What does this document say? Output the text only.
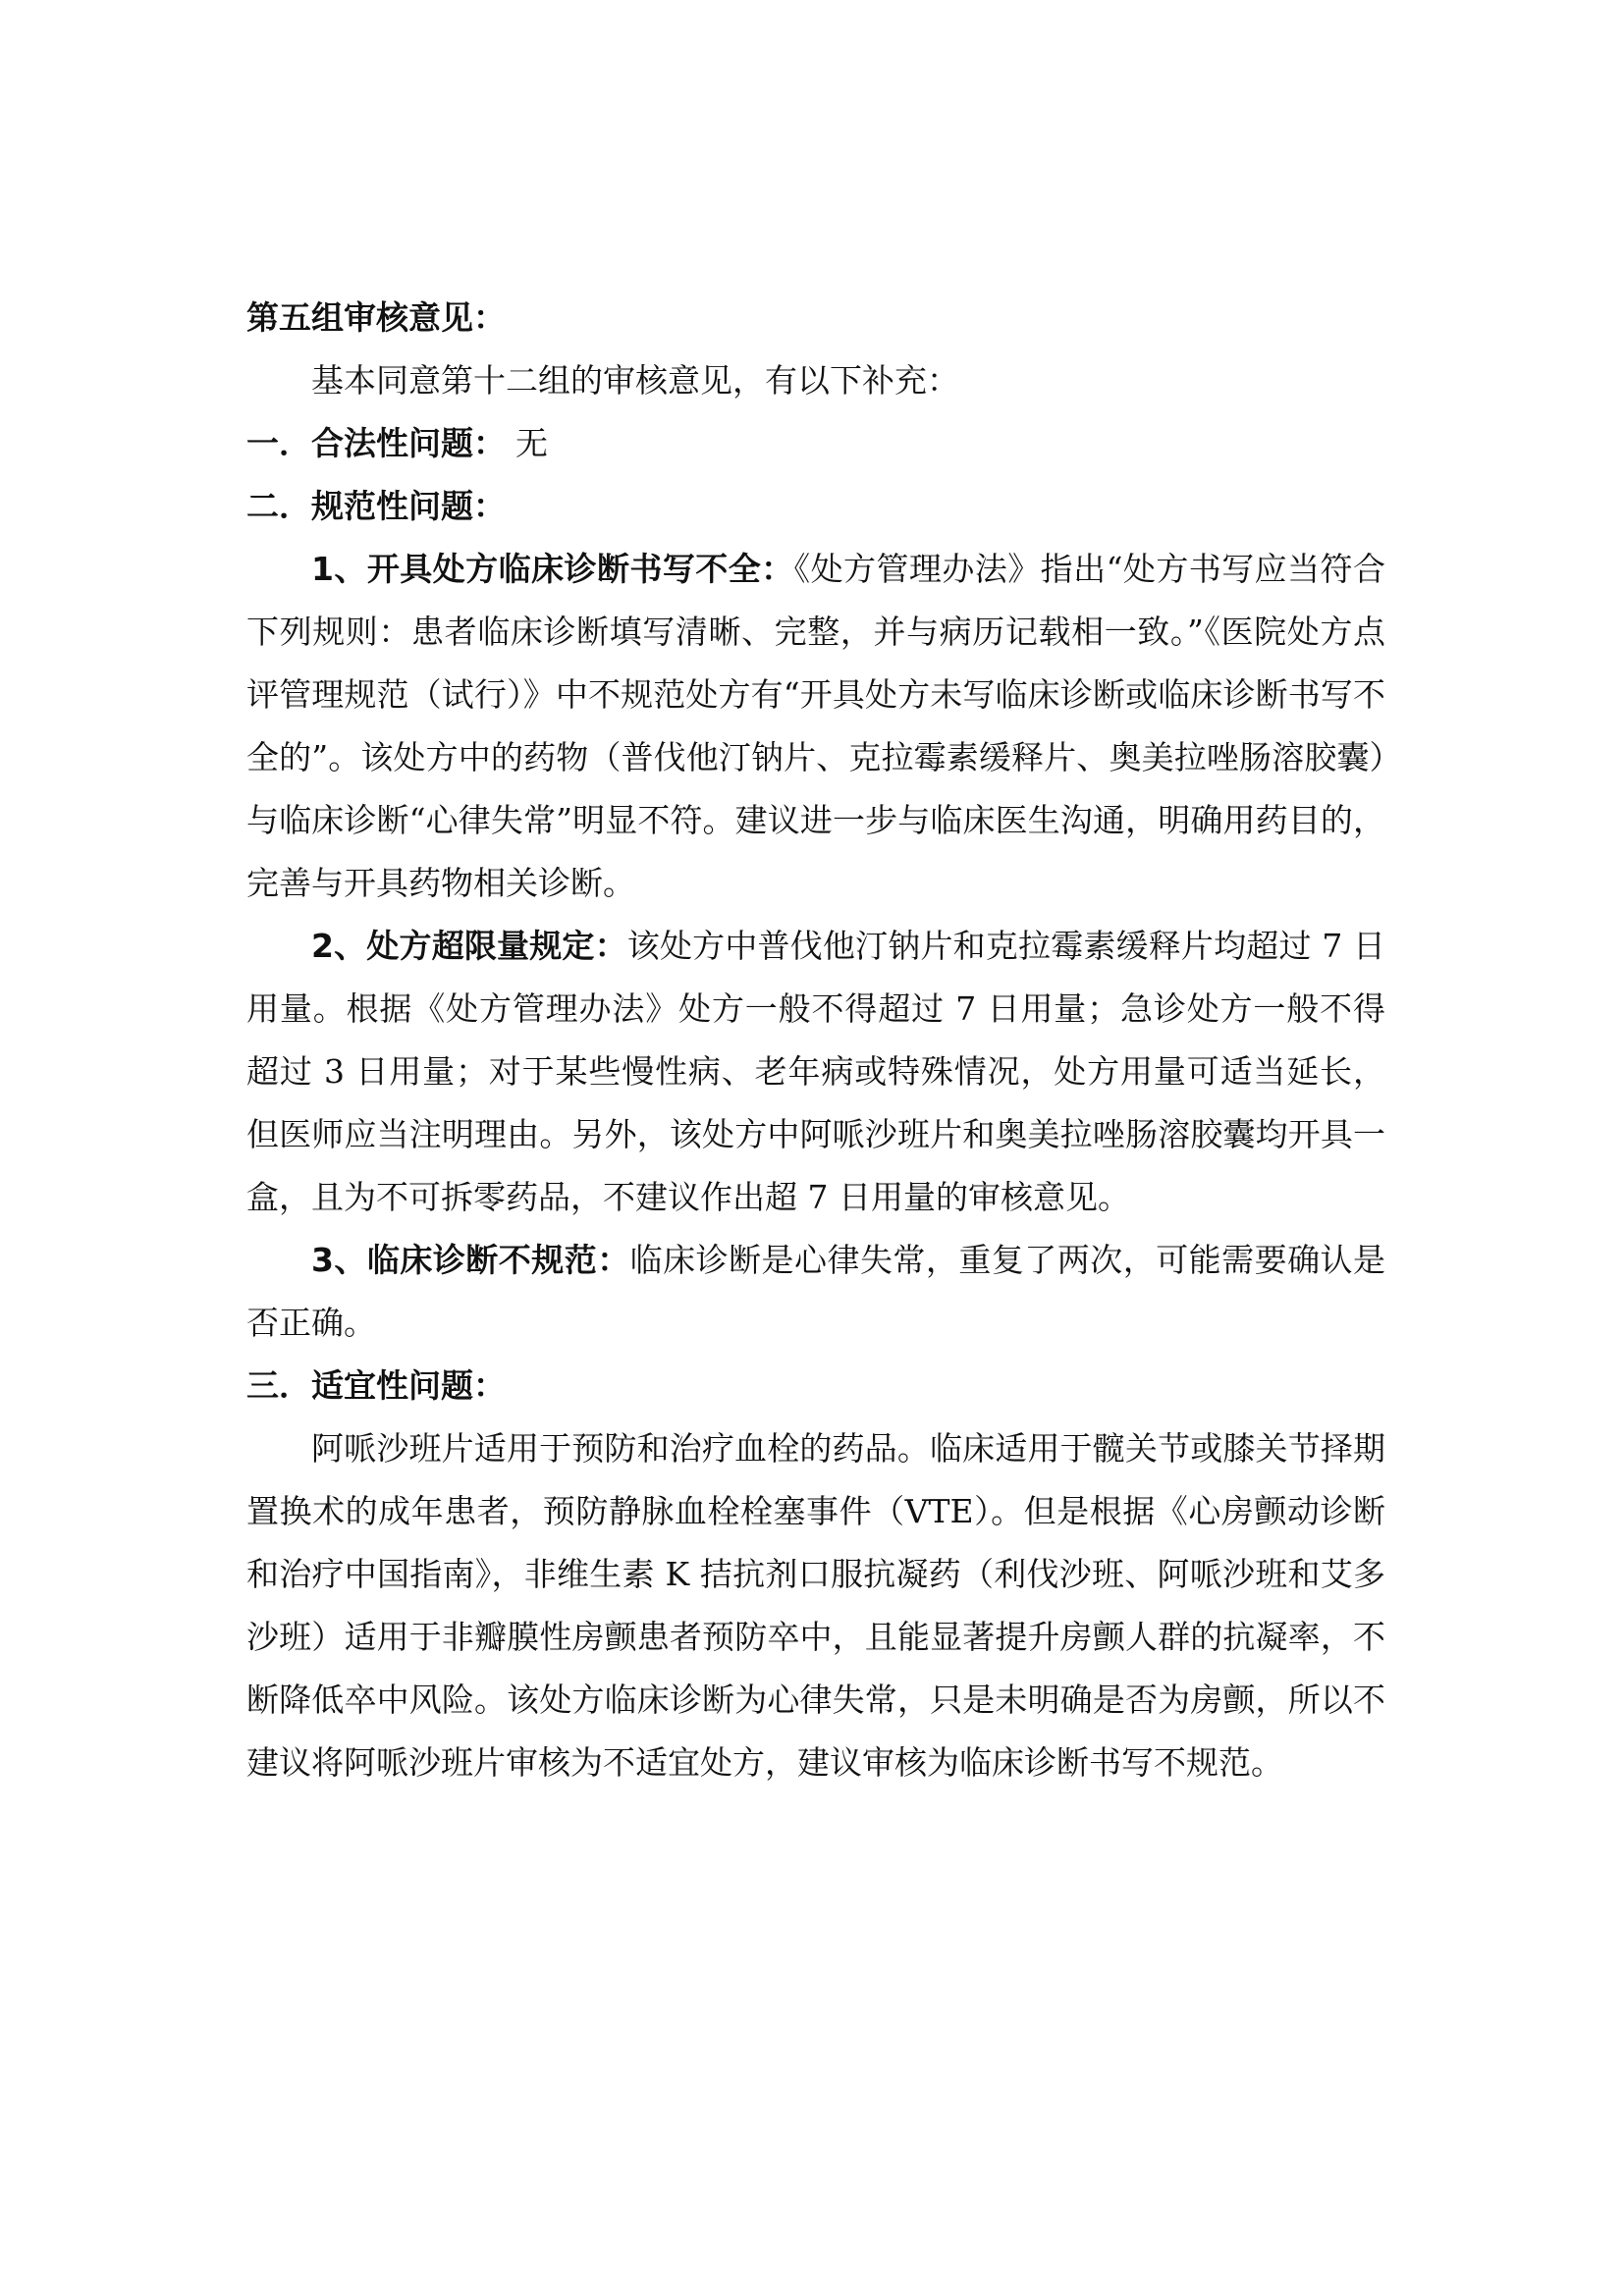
第五组审核意见：

基本同意第十二组的审核意见，有以下补充：

一．合法性问题： 无

二．规范性问题：

1、开具处方临床诊断书写不全：《处方管理办法》指出“处方书写应当符合下列规则：患者临床诊断填写清晰、完整，并与病历记载相一致。”《医院处方点评管理规范（试行）》中不规范处方有“开具处方未写临床诊断或临床诊断书写不全的”。该处方中的药物（普伐他汀钠片、克拉霉素缓释片、奥美拉唑肠溶胶囊）与临床诊断“心律失常”明显不符。建议进一步与临床医生沟通，明确用药目的，完善与开具药物相关诊断。

2、处方超限量规定：该处方中普伐他汀钠片和克拉霉素缓释片均超过 7 日用量。根据《处方管理办法》处方一般不得超过 7 日用量；急诊处方一般不得超过 3 日用量；对于某些慢性病、老年病或特殊情况，处方用量可适当延长，但医师应当注明理由。另外，该处方中阿哌沙班片和奥美拉唑肠溶胶囊均开具一盒，且为不可拆零药品，不建议作出超 7 日用量的审核意见。

3、临床诊断不规范：临床诊断是心律失常，重复了两次，可能需要确认是否正确。

三．适宜性问题：

阿哌沙班片适用于预防和治疗血栓的药品。临床适用于髋关节或膝关节择期置换术的成年患者，预防静脉血栓栓塞事件（VTE）。但是根据《心房颤动诊断和治疗中国指南》，非维生素 K 拮抗剂口服抗凝药（利伐沙班、阿哌沙班和艾多沙班）适用于非瓣膜性房颤患者预防卒中，且能显著提升房颤人群的抗凝率，不断降低卒中风险。该处方临床诊断为心律失常，只是未明确是否为房颤，所以不建议将阿哌沙班片审核为不适宜处方，建议审核为临床诊断书写不规范。
